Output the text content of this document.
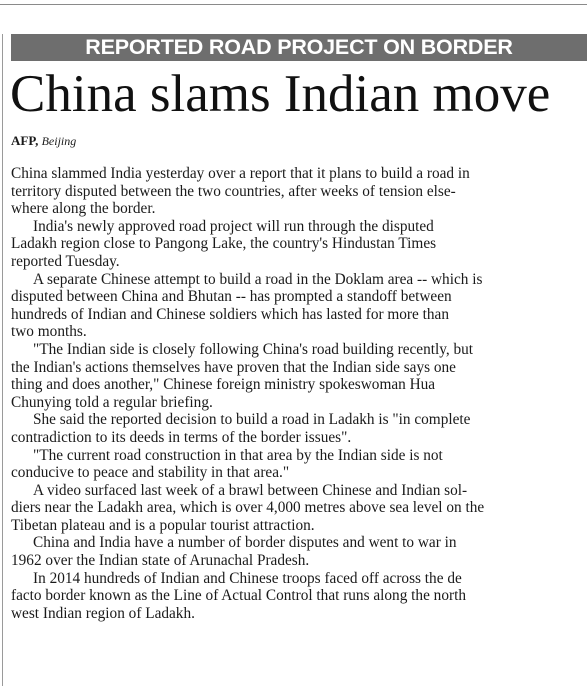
REPORTED ROAD PROJECT ON BORDER
China slams Indian move
AFP, Beijing
China slammed India yesterday over a report that it plans to build a road in
territory disputed between the two countries, after weeks of tension else-
where along the border.
India's newly approved road project will run through the disputed
Ladakh region close to Pangong Lake, the country's Hindustan Times
reported Tuesday.
A separate Chinese attempt to build a road in the Doklam area -- which is
disputed between China and Bhutan -- has prompted a standoff between
hundreds of Indian and Chinese soldiers which has lasted for more than
two months.
"The Indian side is closely following China's road building recently, but
the Indian's actions themselves have proven that the Indian side says one
thing and does another," Chinese foreign ministry spokeswoman Hua
Chunying told a regular briefing.
She said the reported decision to build a road in Ladakh is "in complete
contradiction to its deeds in terms of the border issues".
"The current road construction in that area by the Indian side is not
conducive to peace and stability in that area."
A video surfaced last week of a brawl between Chinese and Indian sol-
diers near the Ladakh area, which is over 4,000 metres above sea level on the
Tibetan plateau and is a popular tourist attraction.
China and India have a number of border disputes and went to war in
1962 over the Indian state of Arunachal Pradesh.
In 2014 hundreds of Indian and Chinese troops faced off across the de
facto border known as the Line of Actual Control that runs along the north
west Indian region of Ladakh.
